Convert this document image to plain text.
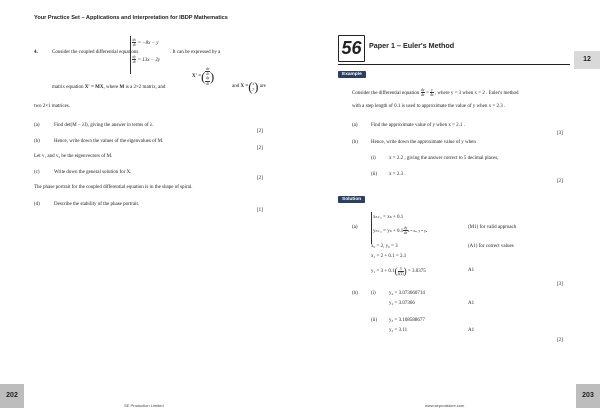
Your Practice Set – Applications and Interpretation for IBDP Mathematics
4.	Consider the coupled differential equations
$\frac{dx}{dt} = -8x - y$
$\frac{dy}{dt} = 13x - 2y$
. It can be expressed by a
matrix equation X′ = MX, where M is a 2×2 matrix, and
X′ =( $\frac{dx}{dt}$

$\frac{dy}{dt}$ )
and X =(x
y) are
two 2×1 matrices.
(a)	Find det(M − λI), giving the answer in terms of λ.
[2]
(b)	Hence, write down the values of the eigenvalues of M.
[2]
Let v₁ and v₂ be the eigenvectors of M.
(c)	Write down the general solution for X.
[2]
The phase portrait for the coupled differential equation is in the shape of spiral.
(d)	Describe the stability of the phase portrait.
[1]
202
SE Production Limited
56	Paper 1 – Euler's Method
12
Example
Consider the differential equation $\frac{dy}{dx} = \frac{y}{4x}$ , where y = 3 when x = 2 . Euler's method
with a step length of 0.1 is used to approximate the value of y when x = 2.3 .
(a)	Find the approximate value of y when x = 2.1 .
[3]
(b)	Hence, write down the approximate value of y when
(i)	x = 2.2 , giving the answer correct to 5 decimal places,
(ii) x = 2.3 .
[2]
Solution
(a)
xₙ₊₁ = xₙ + 0.1
$y_{n+1} = y_n + 0.1 \frac{dy}{dx}$ x = xₙ, y = yₙ
(M1) for valid approach
x₀ = 2, y₀ = 3	(A1) for correct values
x₁ = 2 + 0.1 = 2.1
$y_1 = 3 + 0.1( \frac{3}{4(2)}$ ) = 3.0375	A1
[3]
(b)	(i)	y₂ = 3.073660714
y₂ = 3.07366	A1
(ii) y₃ = 3.108588677
y₃ = 3.11	A1
[2]
203
www.seprodstore.com
